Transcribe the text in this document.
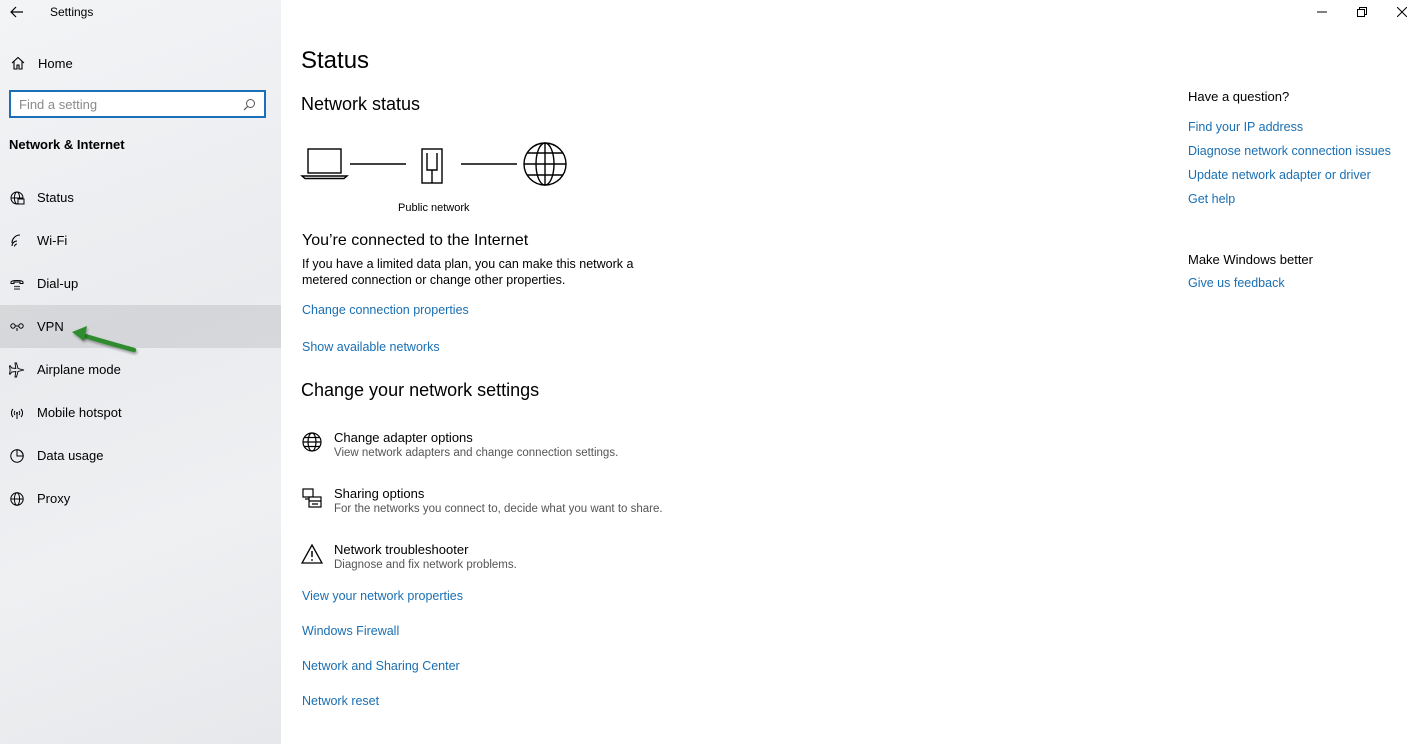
Settings
Home
Find a setting
Network & Internet
Status
Wi-Fi
Dial-up
VPN
Airplane mode
Mobile hotspot
Data usage
Proxy
Status
Network status
Public network
You’re connected to the Internet
If you have a limited data plan, you can make this network a metered connection or change other properties.
Change connection properties
Show available networks
Change your network settings
Change adapter options
View network adapters and change connection settings.
Sharing options
For the networks you connect to, decide what you want to share.
Network troubleshooter
Diagnose and fix network problems.
View your network properties
Windows Firewall
Network and Sharing Center
Network reset
Have a question?
Find your IP address
Diagnose network connection issues
Update network adapter or driver
Get help
Make Windows better
Give us feedback
